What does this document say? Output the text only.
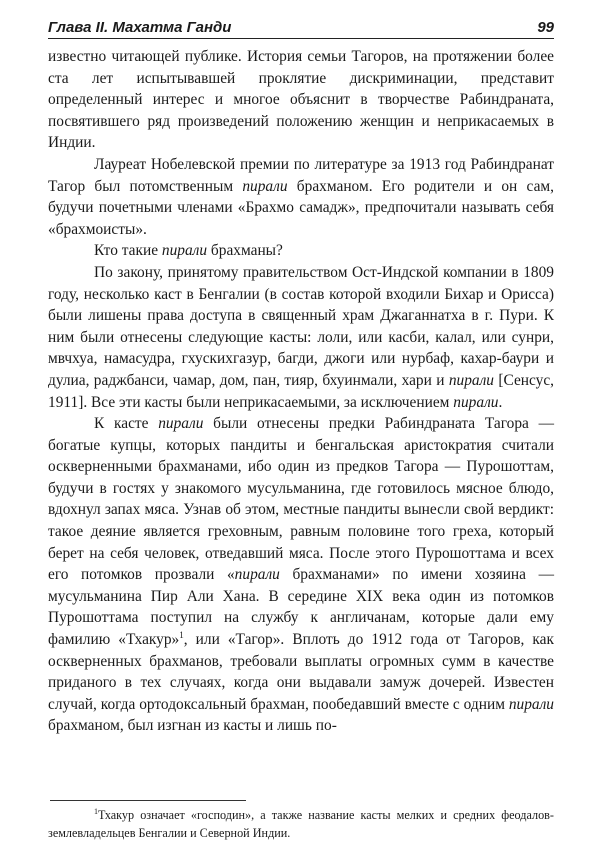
Глава II. Махатма Ганди	99

известно читающей публике. История семьи Тагоров, на протяжении более ста лет испытывавшей проклятие дискриминации, представит определенный интерес и многое объяснит в творчестве Рабиндраната, посвятившего ряд произведений положению женщин и неприкасаемых в Индии.

Лауреат Нобелевской премии по литературе за 1913 год Рабиндранат Тагор был потомственным пирали брахманом. Его родители и он сам, будучи почетными членами «Брахмо самадж», предпочитали называть себя «брахмоисты».

Кто такие пирали брахманы?

По закону, принятому правительством Ост-Индской компании в 1809 году, несколько каст в Бенгалии (в состав которой входили Бихар и Орисса) были лишены права доступа в священный храм Джаганнатха в г. Пури. К ним были отнесены следующие касты: лоли, или касби, калал, или сунри, мвчхуа, намасудра, гхускихгазур, багди, джоги или нурбаф, кахар-баури и дулиа, раджбанси, чамар, дом, пан, тияр, бхуинмали, хари и пирали [Сенсус, 1911]. Все эти касты были неприкасаемыми, за исключением пирали.

К касте пирали были отнесены предки Рабиндраната Тагора — богатые купцы, которых пандиты и бенгальская аристократия считали оскверненными брахманами, ибо один из предков Тагора — Пурошоттам, будучи в гостях у знакомого мусульманина, где готовилось мясное блюдо, вдохнул запах мяса. Узнав об этом, местные пандиты вынесли свой вердикт: такое деяние является греховным, равным половине того греха, который берет на себя человек, отведавший мяса. После этого Пурошоттама и всех его потомков прозвали «пирали брахманами» по имени хозяина — мусульманина Пир Али Хана. В середине XIX века один из потомков Пурошоттама поступил на службу к англичанам, которые дали ему фамилию «Тхакур»$^1$, или «Тагор». Вплоть до 1912 года от Тагоров, как оскверненных брахманов, требовали выплаты огромных сумм в качестве приданого в тех случаях, когда они выдавали замуж дочерей. Известен случай, когда ортодоксальный брахман, пообедавший вместе с одним пирали брахманом, был изгнан из касты и лишь по-

$^1$Тхакур означает «господин», а также название касты мелких и средних феодалов-землевладельцев Бенгалии и Северной Индии.
